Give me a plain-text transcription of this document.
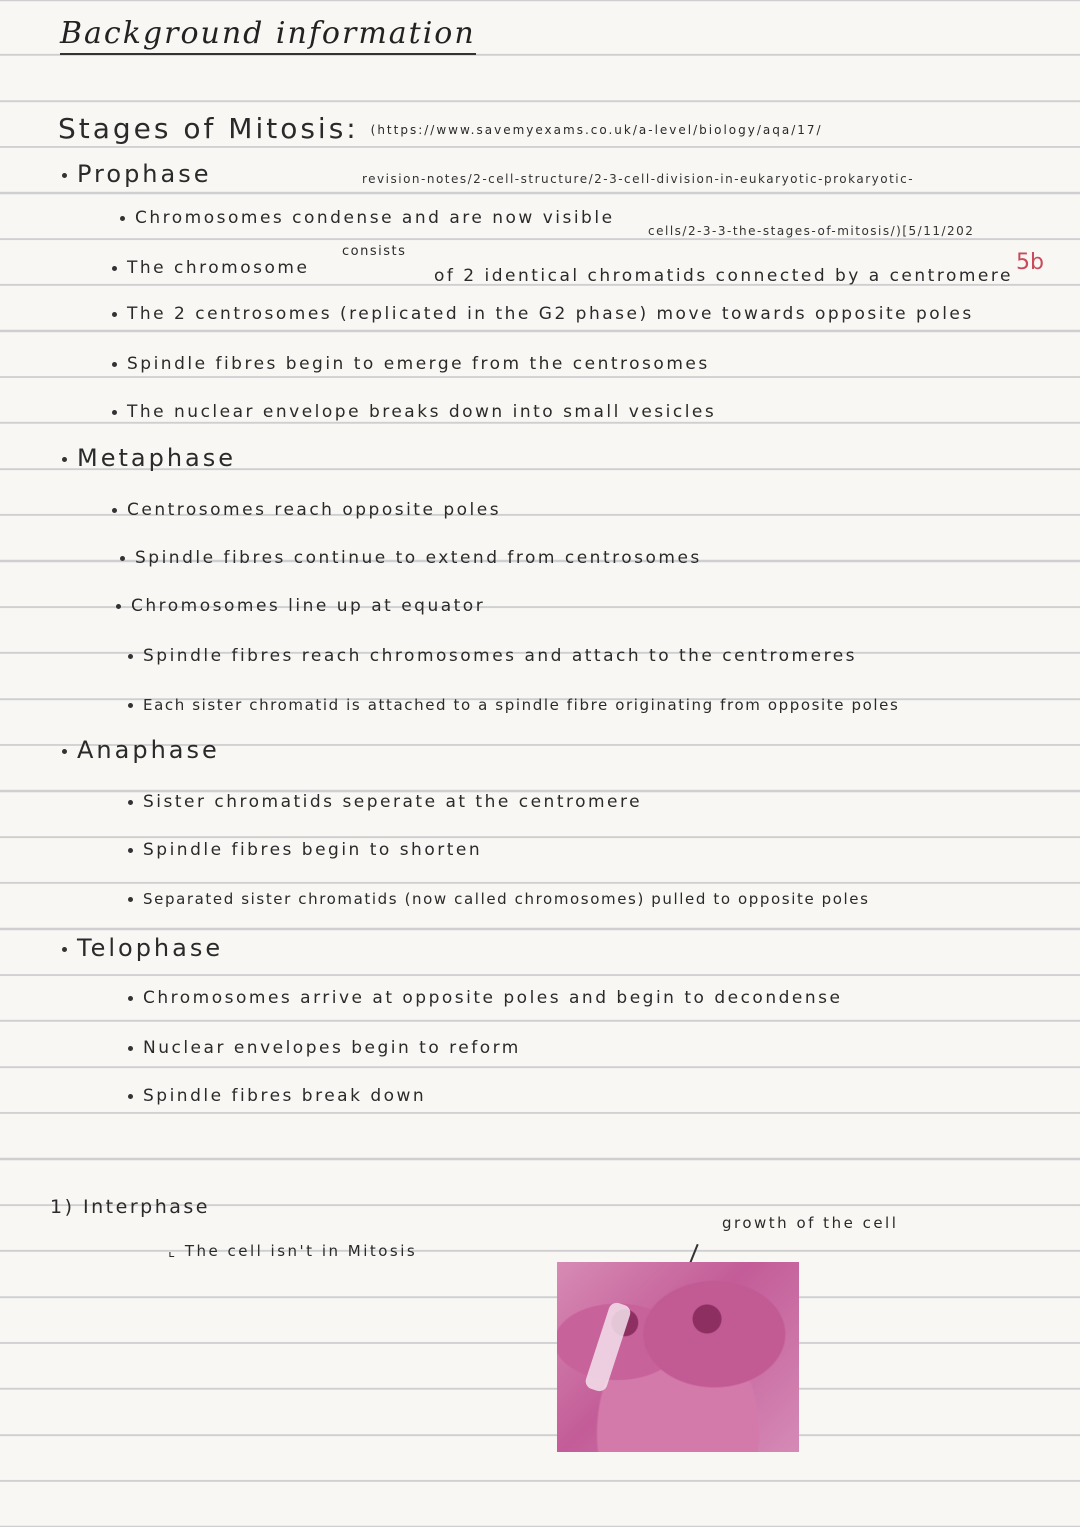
Background information
Stages of Mitosis: (https://www.savemyexams.co.uk/a-level/biology/aqa/17/
revision-notes/2-cell-structure/2-3-cell-division-in-eukaryotic-prokaryotic-
cells/2-3-3-the-stages-of-mitosis/)[5/11/202
Prophase
Chromosomes condense and are now visible
consists
The chromosome	of 2 identical chromatids connected by a centromere
5b
The 2 centrosomes (replicated in the G2 phase) move towards opposite poles
Spindle fibres begin to emerge from the centrosomes
The nuclear envelope breaks down into small vesicles
Metaphase
Centrosomes reach opposite poles
Spindle fibres continue to extend from centrosomes
Chromosomes line up at equator
Spindle fibres reach chromosomes and attach to the centromeres
Each sister chromatid is attached to a spindle fibre originating from opposite poles
Anaphase
Sister chromatids seperate at the centromere
Spindle fibres begin to shorten
Separated sister chromatids (now called chromosomes) pulled to opposite poles
Telophase
Chromosomes arrive at opposite poles and begin to decondense
Nuclear envelopes begin to reform
Spindle fibres break down
1) Interphase
⌞ The cell isn't in Mitosis
growth of the cell
